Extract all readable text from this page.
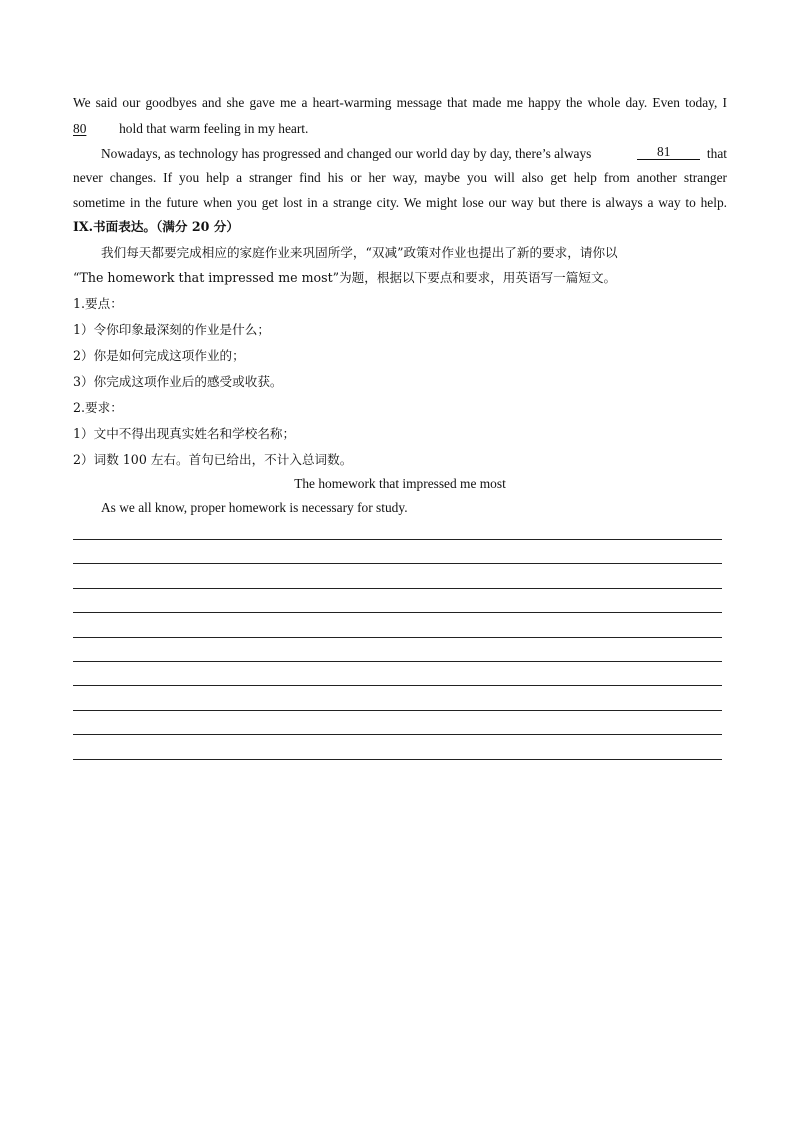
We said our goodbyes and she gave me a heart-warming message that made me happy the whole day. Even today, I
80 hold that warm feeling in my heart.
Nowadays, as technology has progressed and changed our world day by day, there’s always	81	that
never changes. If you help a stranger find his or her way, maybe you will also get help from another stranger
sometime in the future when you get lost in a strange city. We might lose our way but there is always a way to help.
IX.书面表达。（满分 20 分）
我们每天都要完成相应的家庭作业来巩固所学，“双减”政策对作业也提出了新的要求，请你以
“The homework that impressed me most”为题，根据以下要点和要求，用英语写一篇短文。
1.要点：
1）令你印象最深刻的作业是什么；
2）你是如何完成这项作业的；
3）你完成这项作业后的感受或收获。
2.要求：
1）文中不得出现真实姓名和学校名称；
2）词数 100 左右。首句已给出，不计入总词数。
The homework that impressed me most
As we all know, proper homework is necessary for study.
